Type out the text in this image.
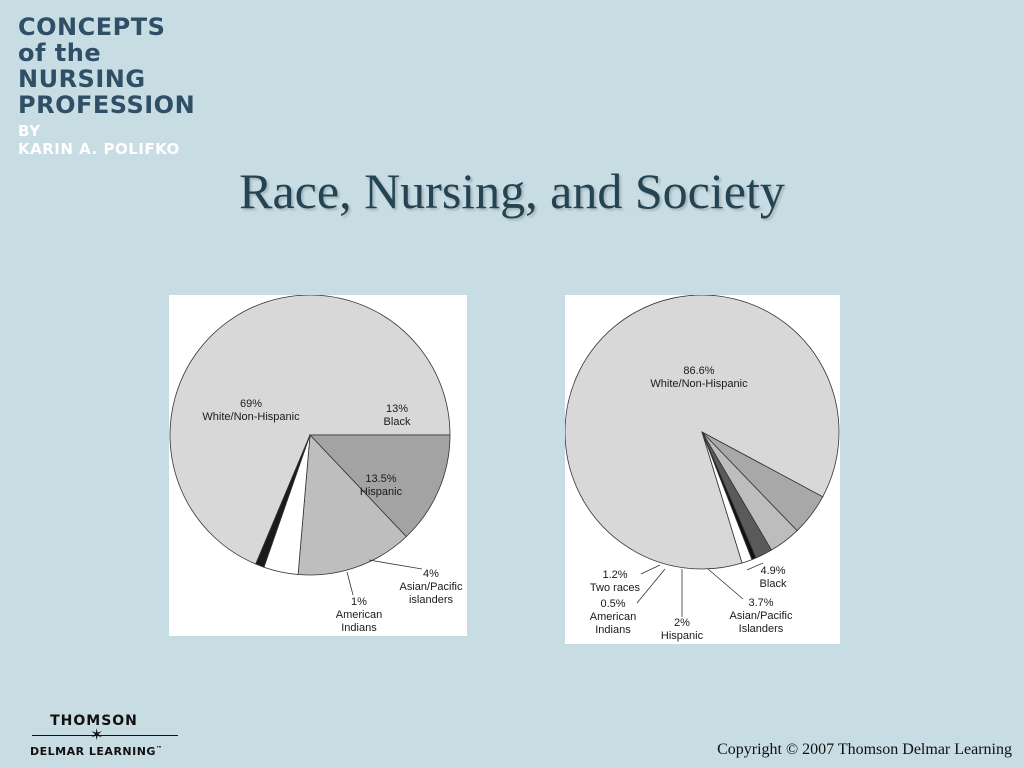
CONCEPTS
of the
NURSING
PROFESSION
BY
KARIN A. POLIFKO
Race, Nursing, and Society
69% White/Non-Hispanic
13% Black
13.5% Hispanic
4% Asian/Pacific islanders
1% American Indians
86.6% White/Non-Hispanic
4.9% Black
3.7% Asian/Pacific Islanders
2% Hispanic
0.5% American Indians
1.2% Two races
THOMSON
✶
DELMAR LEARNING™	Copyright © 2007 Thomson Delmar Learning
